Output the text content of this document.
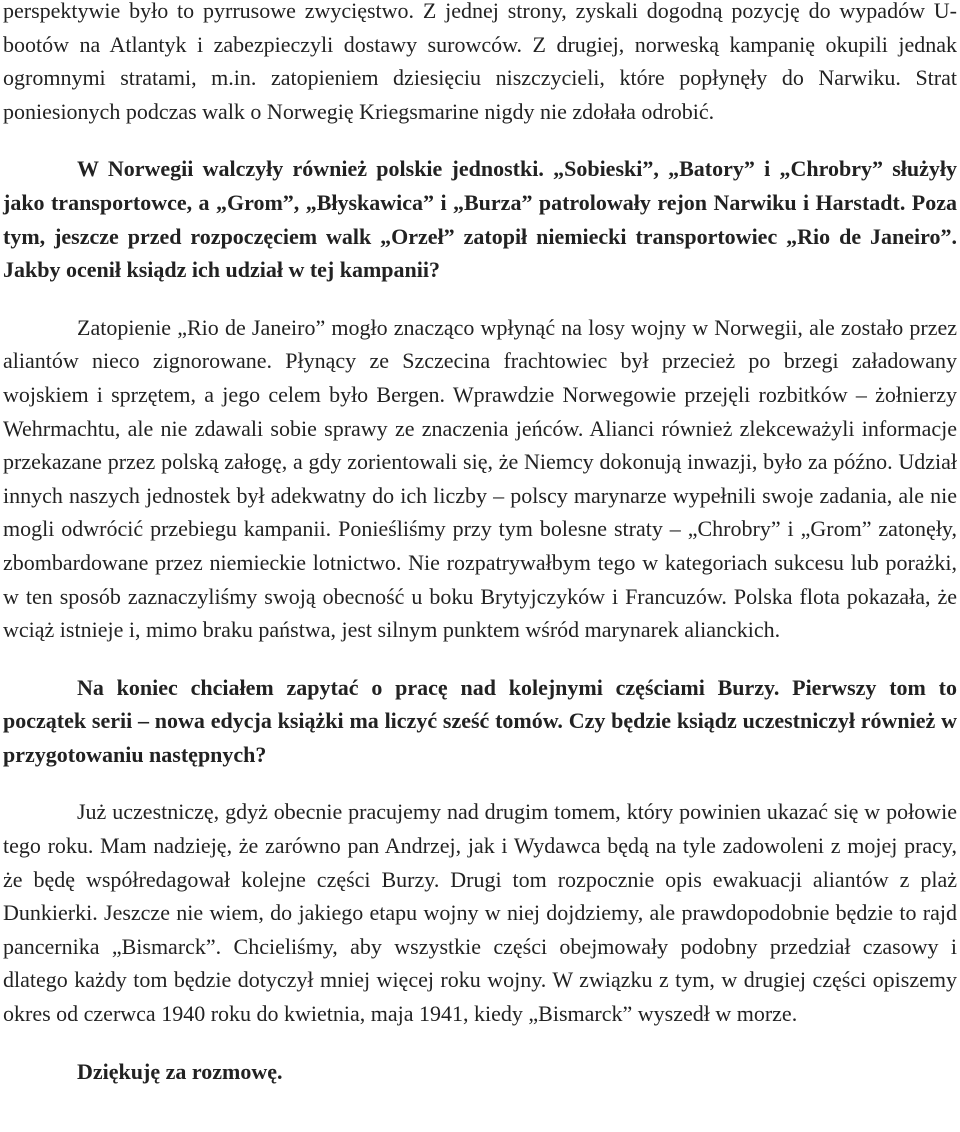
perspektywie było to pyrrusowe zwycięstwo. Z jednej strony, zyskali dogodną pozycję do wypadów U-bootów na Atlantyk i zabezpieczyli dostawy surowców. Z drugiej, norweską kampanię okupili jednak ogromnymi stratami, m.in. zatopieniem dziesięciu niszczycieli, które popłynęły do Narwiku. Strat poniesionych podczas walk o Norwegię Kriegsmarine nigdy nie zdołała odrobić.

W Norwegii walczyły również polskie jednostki. „Sobieski”, „Batory” i „Chrobry” służyły jako transportowce, a „Grom”, „Błyskawica” i „Burza” patrolowały rejon Narwiku i Harstadt. Poza tym, jeszcze przed rozpoczęciem walk „Orzeł” zatopił niemiecki transportowiec „Rio de Janeiro”. Jakby ocenił ksiądz ich udział w tej kampanii?

Zatopienie „Rio de Janeiro” mogło znacząco wpłynąć na losy wojny w Norwegii, ale zostało przez aliantów nieco zignorowane. Płynący ze Szczecina frachtowiec był przecież po brzegi załadowany wojskiem i sprzętem, a jego celem było Bergen. Wprawdzie Norwegowie przejęli rozbitków – żołnierzy Wehrmachtu, ale nie zdawali sobie sprawy ze znaczenia jeńców. Alianci również zlekceważyli informacje przekazane przez polską załogę, a gdy zorientowali się, że Niemcy dokonują inwazji, było za późno. Udział innych naszych jednostek był adekwatny do ich liczby – polscy marynarze wypełnili swoje zadania, ale nie mogli odwrócić przebiegu kampanii. Ponieśliśmy przy tym bolesne straty – „Chrobry” i „Grom” zatonęły, zbombardowane przez niemieckie lotnictwo. Nie rozpatrywałbym tego w kategoriach sukcesu lub porażki, w ten sposób zaznaczyliśmy swoją obecność u boku Brytyjczyków i Francuzów. Polska flota pokazała, że wciąż istnieje i, mimo braku państwa, jest silnym punktem wśród marynarek alianckich.

Na koniec chciałem zapytać o pracę nad kolejnymi częściami Burzy. Pierwszy tom to początek serii – nowa edycja książki ma liczyć sześć tomów. Czy będzie ksiądz uczestniczył również w przygotowaniu następnych?

Już uczestniczę, gdyż obecnie pracujemy nad drugim tomem, który powinien ukazać się w połowie tego roku. Mam nadzieję, że zarówno pan Andrzej, jak i Wydawca będą na tyle zadowoleni z mojej pracy, że będę współredagował kolejne części Burzy. Drugi tom rozpocznie opis ewakuacji aliantów z plaż Dunkierki. Jeszcze nie wiem, do jakiego etapu wojny w niej dojdziemy, ale prawdopodobnie będzie to rajd pancernika „Bismarck”. Chcieliśmy, aby wszystkie części obejmowały podobny przedział czasowy i dlatego każdy tom będzie dotyczył mniej więcej roku wojny. W związku z tym, w drugiej części opiszemy okres od czerwca 1940 roku do kwietnia, maja 1941, kiedy „Bismarck” wyszedł w morze.

Dziękuję za rozmowę.
